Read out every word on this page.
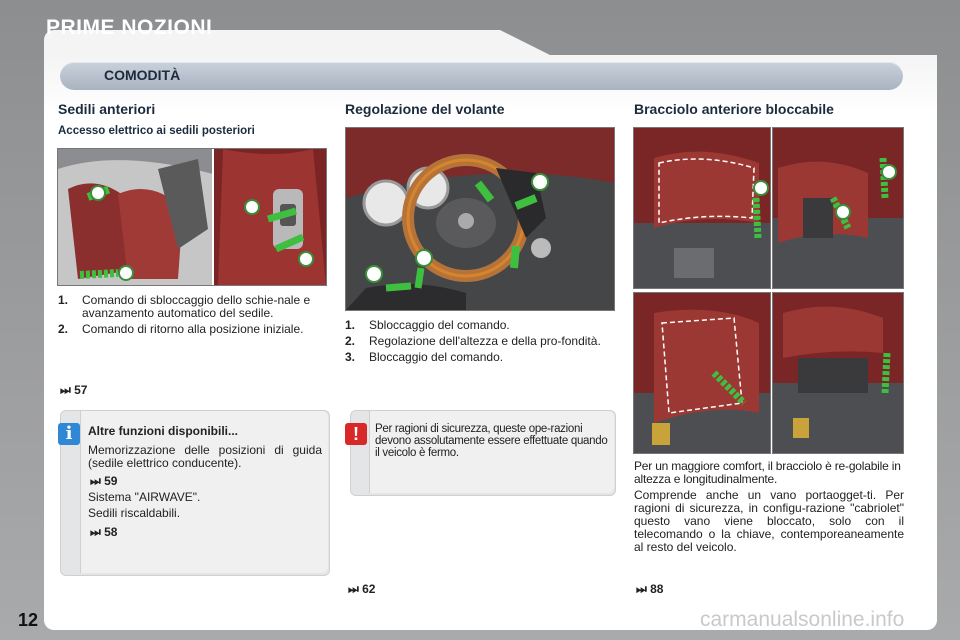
PRIME NOZIONI
COMODITÀ
Sedili anteriori
Accesso elettrico ai sedili posteriori
1. Comando di sbloccaggio dello schie-nale e avanzamento automatico del sedile.
2. Comando di ritorno alla posizione iniziale.
⏭ 57
i	Altre funzioni disponibili...
Memorizzazione delle posizioni di guida (sedile elettrico conducente).
⏭ 59
Sistema "AIRWAVE".
Sedili riscaldabili.
⏭ 58
Regolazione del volante
1. Sbloccaggio del comando.
2. Regolazione dell'altezza e della pro-fondità.
3. Bloccaggio del comando.
!	Per ragioni di sicurezza, queste ope-razioni devono assolutamente essere effettuate quando il veicolo è fermo.
⏭ 62
Bracciolo anteriore bloccabile
Per un maggiore comfort, il bracciolo è re-golabile in altezza e longitudinalmente.
Comprende anche un vano portaogget-ti. Per ragioni di sicurezza, in configu-razione "cabriolet" questo vano viene bloccato, solo con il telecomando o la chiave, contemporeaneamente al resto del veicolo.
⏭ 88
12	carmanualsonline.info
